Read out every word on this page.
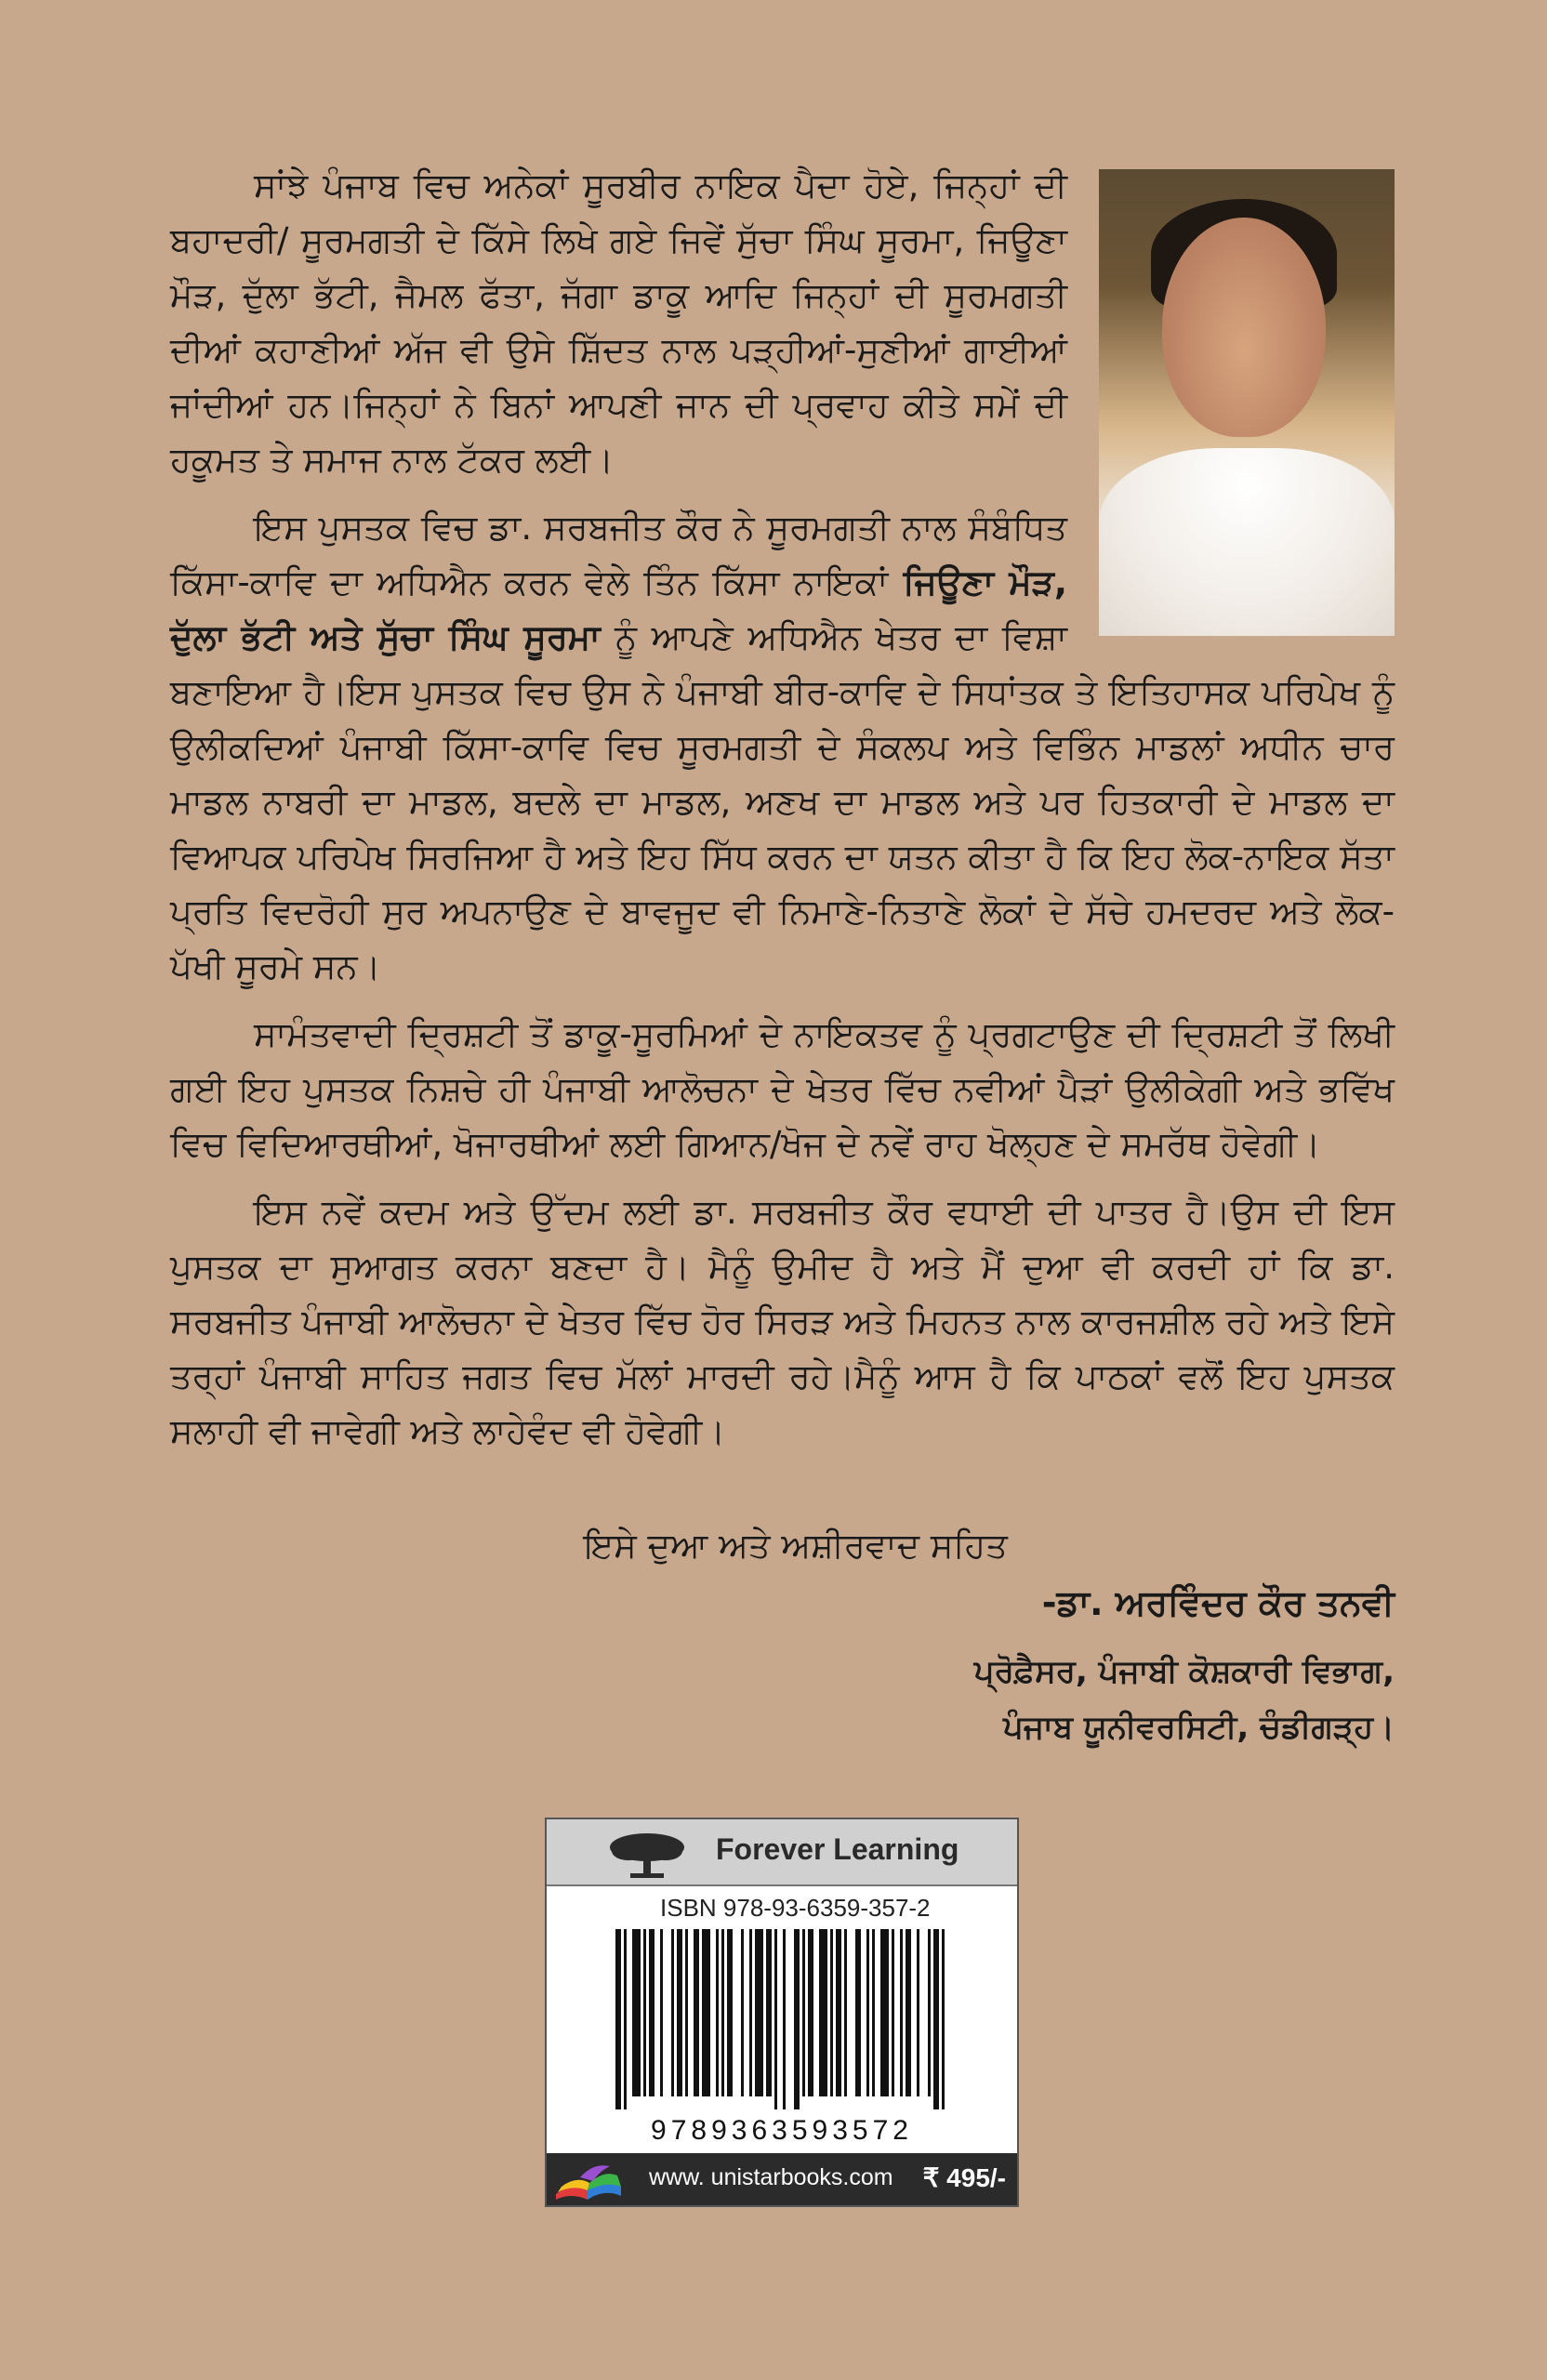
ਸਾਂਝੇ ਪੰਜਾਬ ਵਿਚ ਅਨੇਕਾਂ ਸੂਰਬੀਰ ਨਾਇਕ ਪੈਦਾ ਹੋਏ, ਜਿਨ੍ਹਾਂ ਦੀ ਬਹਾਦਰੀ/ ਸੂਰਮਗਤੀ ਦੇ ਕਿੱਸੇ ਲਿਖੇ ਗਏ ਜਿਵੇਂ ਸੁੱਚਾ ਸਿੰਘ ਸੂਰਮਾ, ਜਿਊਣਾ ਮੌੜ, ਦੁੱਲਾ ਭੱਟੀ, ਜੈਮਲ ਫੱਤਾ, ਜੱਗਾ ਡਾਕੂ ਆਦਿ ਜਿਨ੍ਹਾਂ ਦੀ ਸੂਰਮਗਤੀ ਦੀਆਂ ਕਹਾਣੀਆਂ ਅੱਜ ਵੀ ਉਸੇ ਸ਼ਿੱਦਤ ਨਾਲ ਪੜ੍ਹੀਆਂ-ਸੁਣੀਆਂ ਗਾਈਆਂ ਜਾਂਦੀਆਂ ਹਨ।ਜਿਨ੍ਹਾਂ ਨੇ ਬਿਨਾਂ ਆਪਣੀ ਜਾਨ ਦੀ ਪ੍ਰਵਾਹ ਕੀਤੇ ਸਮੇਂ ਦੀ ਹਕੂਮਤ ਤੇ ਸਮਾਜ ਨਾਲ ਟੱਕਰ ਲਈ।

ਇਸ ਪੁਸਤਕ ਵਿਚ ਡਾ. ਸਰਬਜੀਤ ਕੌਰ ਨੇ ਸੂਰਮਗਤੀ ਨਾਲ ਸੰਬੰਧਿਤ ਕਿੱਸਾ-ਕਾਵਿ ਦਾ ਅਧਿਐਨ ਕਰਨ ਵੇਲੇ ਤਿੰਨ ਕਿੱਸਾ ਨਾਇਕਾਂ ਜਿਊਣਾ ਮੌੜ, ਦੁੱਲਾ ਭੱਟੀ ਅਤੇ ਸੁੱਚਾ ਸਿੰਘ ਸੂਰਮਾ ਨੂੰ ਆਪਣੇ ਅਧਿਐਨ ਖੇਤਰ ਦਾ ਵਿਸ਼ਾ ਬਣਾਇਆ ਹੈ।ਇਸ ਪੁਸਤਕ ਵਿਚ ਉਸ ਨੇ ਪੰਜਾਬੀ ਬੀਰ-ਕਾਵਿ ਦੇ ਸਿਧਾਂਤਕ ਤੇ ਇਤਿਹਾਸਕ ਪਰਿਪੇਖ ਨੂੰ ਉਲੀਕਦਿਆਂ ਪੰਜਾਬੀ ਕਿੱਸਾ-ਕਾਵਿ ਵਿਚ ਸੂਰਮਗਤੀ ਦੇ ਸੰਕਲਪ ਅਤੇ ਵਿਭਿੰਨ ਮਾਡਲਾਂ ਅਧੀਨ ਚਾਰ ਮਾਡਲ ਨਾਬਰੀ ਦਾ ਮਾਡਲ, ਬਦਲੇ ਦਾ ਮਾਡਲ, ਅਣਖ ਦਾ ਮਾਡਲ ਅਤੇ ਪਰ ਹਿਤਕਾਰੀ ਦੇ ਮਾਡਲ ਦਾ ਵਿਆਪਕ ਪਰਿਪੇਖ ਸਿਰਜਿਆ ਹੈ ਅਤੇ ਇਹ ਸਿੱਧ ਕਰਨ ਦਾ ਯਤਨ ਕੀਤਾ ਹੈ ਕਿ ਇਹ ਲੋਕ-ਨਾਇਕ ਸੱਤਾ ਪ੍ਰਤਿ ਵਿਦਰੋਹੀ ਸੁਰ ਅਪਨਾਉਣ ਦੇ ਬਾਵਜੂਦ ਵੀ ਨਿਮਾਣੇ-ਨਿਤਾਣੇ ਲੋਕਾਂ ਦੇ ਸੱਚੇ ਹਮਦਰਦ ਅਤੇ ਲੋਕ-ਪੱਖੀ ਸੂਰਮੇ ਸਨ।

ਸਾਮੰਤਵਾਦੀ ਦ੍ਰਿਸ਼ਟੀ ਤੋਂ ਡਾਕੂ-ਸੂਰਮਿਆਂ ਦੇ ਨਾਇਕਤਵ ਨੂੰ ਪ੍ਰਗਟਾਉਣ ਦੀ ਦ੍ਰਿਸ਼ਟੀ ਤੋਂ ਲਿਖੀ ਗਈ ਇਹ ਪੁਸਤਕ ਨਿਸ਼ਚੇ ਹੀ ਪੰਜਾਬੀ ਆਲੋਚਨਾ ਦੇ ਖੇਤਰ ਵਿੱਚ ਨਵੀਆਂ ਪੈੜਾਂ ਉਲੀਕੇਗੀ ਅਤੇ ਭਵਿੱਖ ਵਿਚ ਵਿਦਿਆਰਥੀਆਂ, ਖੋਜਾਰਥੀਆਂ ਲਈ ਗਿਆਨ/ਖੋਜ ਦੇ ਨਵੇਂ ਰਾਹ ਖੋਲ੍ਹਣ ਦੇ ਸਮਰੱਥ ਹੋਵੇਗੀ।

ਇਸ ਨਵੇਂ ਕਦਮ ਅਤੇ ਉੱਦਮ ਲਈ ਡਾ. ਸਰਬਜੀਤ ਕੌਰ ਵਧਾਈ ਦੀ ਪਾਤਰ ਹੈ।ਉਸ ਦੀ ਇਸ ਪੁਸਤਕ ਦਾ ਸੁਆਗਤ ਕਰਨਾ ਬਣਦਾ ਹੈ। ਮੈਨੂੰ ਉਮੀਦ ਹੈ ਅਤੇ ਮੈਂ ਦੁਆ ਵੀ ਕਰਦੀ ਹਾਂ ਕਿ ਡਾ. ਸਰਬਜੀਤ ਪੰਜਾਬੀ ਆਲੋਚਨਾ ਦੇ ਖੇਤਰ ਵਿੱਚ ਹੋਰ ਸਿਰੜ ਅਤੇ ਮਿਹਨਤ ਨਾਲ ਕਾਰਜਸ਼ੀਲ ਰਹੇ ਅਤੇ ਇਸੇ ਤਰ੍ਹਾਂ ਪੰਜਾਬੀ ਸਾਹਿਤ ਜਗਤ ਵਿਚ ਮੱਲਾਂ ਮਾਰਦੀ ਰਹੇ।ਮੈਨੂੰ ਆਸ ਹੈ ਕਿ ਪਾਠਕਾਂ ਵਲੋਂ ਇਹ ਪੁਸਤਕ ਸਲਾਹੀ ਵੀ ਜਾਵੇਗੀ ਅਤੇ ਲਾਹੇਵੰਦ ਵੀ ਹੋਵੇਗੀ।

ਇਸੇ ਦੁਆ ਅਤੇ ਅਸ਼ੀਰਵਾਦ ਸਹਿਤ
-ਡਾ. ਅਰਵਿੰਦਰ ਕੌਰ ਤਨਵੀ
ਪ੍ਰੋਫ਼ੈਸਰ, ਪੰਜਾਬੀ ਕੋਸ਼ਕਾਰੀ ਵਿਭਾਗ,
ਪੰਜਾਬ ਯੂਨੀਵਰਸਿਟੀ, ਚੰਡੀਗੜ੍ਹ।
Forever Learning
ISBN 978-93-6359-357-2
9789363593572
www. unistarbooks.com ₹ 495/-
